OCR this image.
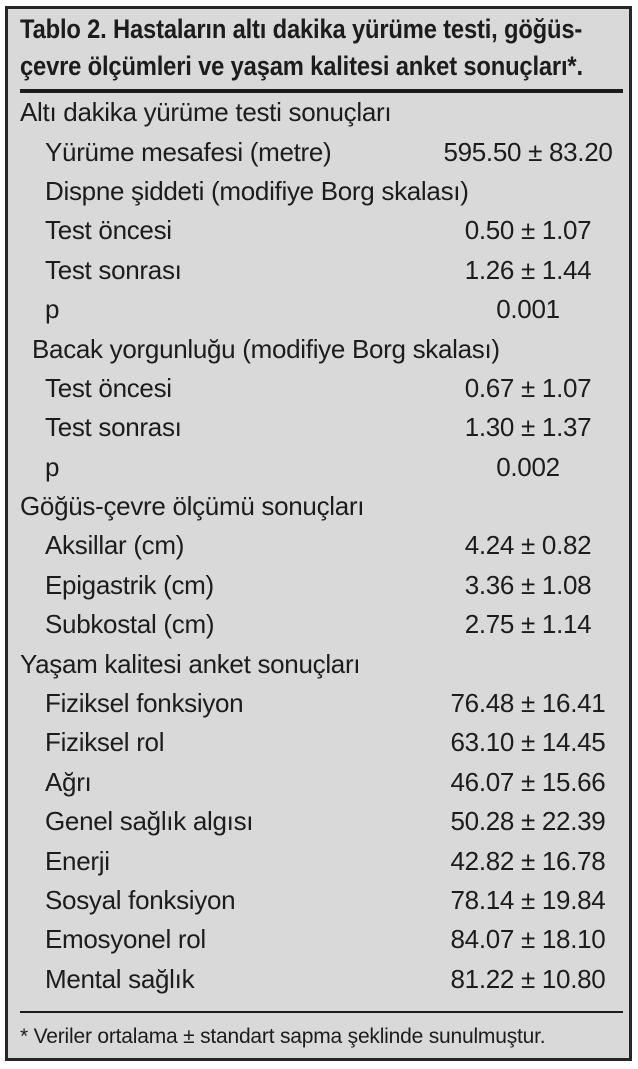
Tablo 2. Hastaların altı dakika yürüme testi, göğüs-
çevre ölçümleri ve yaşam kalitesi anket sonuçları*.
Altı dakika yürüme testi sonuçları
Yürüme mesafesi (metre)	595.50 ± 83.20
Dispne şiddeti (modifiye Borg skalası)
Test öncesi	0.50 ± 1.07
Test sonrası	1.26 ± 1.44
p	0.001
Bacak yorgunluğu (modifiye Borg skalası)
Test öncesi	0.67 ± 1.07
Test sonrası	1.30 ± 1.37
p	0.002
Göğüs-çevre ölçümü sonuçları
Aksillar (cm)	4.24 ± 0.82
Epigastrik (cm)	3.36 ± 1.08
Subkostal (cm)	2.75 ± 1.14
Yaşam kalitesi anket sonuçları
Fiziksel fonksiyon	76.48 ± 16.41
Fiziksel rol	63.10 ± 14.45
Ağrı	46.07 ± 15.66
Genel sağlık algısı	50.28 ± 22.39
Enerji	42.82 ± 16.78
Sosyal fonksiyon	78.14 ± 19.84
Emosyonel rol	84.07 ± 18.10
Mental sağlık	81.22 ± 10.80
* Veriler ortalama ± standart sapma şeklinde sunulmuştur.
